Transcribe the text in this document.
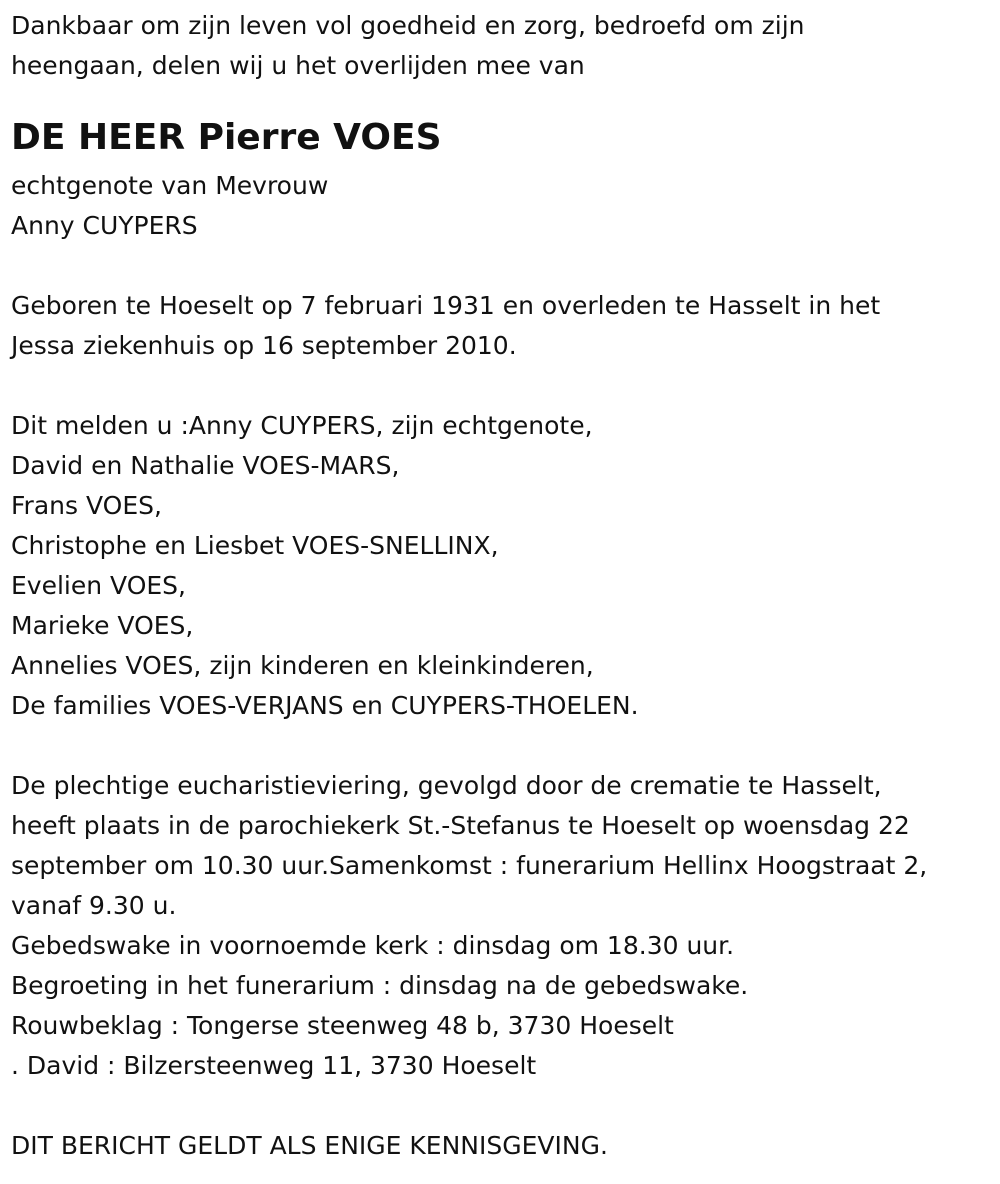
Dankbaar om zijn leven vol goedheid en zorg, bedroefd om zijn
heengaan, delen wij u het overlijden mee van
DE HEER Pierre VOES
echtgenote van Mevrouw
Anny CUYPERS
Geboren te Hoeselt op 7 februari 1931 en overleden te Hasselt in het
Jessa ziekenhuis op 16 september 2010.
Dit melden u :Anny CUYPERS, zijn echtgenote,
David en Nathalie VOES-MARS,
Frans VOES,
Christophe en Liesbet VOES-SNELLINX,
Evelien VOES,
Marieke VOES,
Annelies VOES, zijn kinderen en kleinkinderen,
De families VOES-VERJANS en CUYPERS-THOELEN.
De plechtige eucharistieviering, gevolgd door de crematie te Hasselt,
heeft plaats in de parochiekerk St.-Stefanus te Hoeselt op woensdag 22
september om 10.30 uur.Samenkomst : funerarium Hellinx Hoogstraat 2,
vanaf 9.30 u.
Gebedswake in voornoemde kerk : dinsdag om 18.30 uur.
Begroeting in het funerarium : dinsdag na de gebedswake.
Rouwbeklag : Tongerse steenweg 48 b, 3730 Hoeselt
. David : Bilzersteenweg 11, 3730 Hoeselt
DIT BERICHT GELDT ALS ENIGE KENNISGEVING.
